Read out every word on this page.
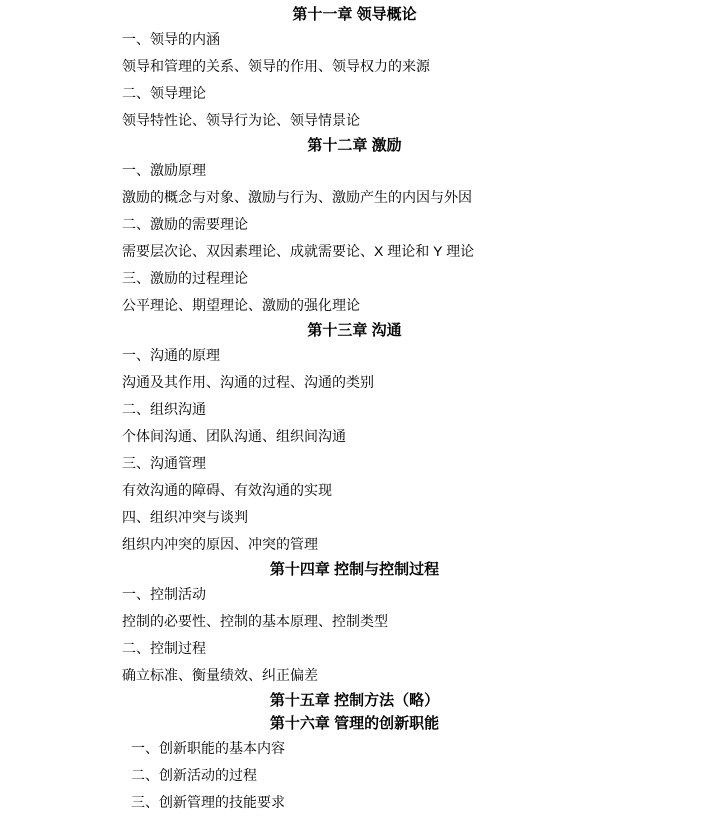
第十一章 领导概论
一、领导的内涵
领导和管理的关系、领导的作用、领导权力的来源
二、领导理论
领导特性论、领导行为论、领导情景论
第十二章 激励
一、激励原理
激励的概念与对象、激励与行为、激励产生的内因与外因
二、激励的需要理论
需要层次论、双因素理论、成就需要论、X 理论和 Y 理论
三、激励的过程理论
公平理论、期望理论、激励的强化理论
第十三章 沟通
一、沟通的原理
沟通及其作用、沟通的过程、沟通的类别
二、组织沟通
个体间沟通、团队沟通、组织间沟通
三、沟通管理
有效沟通的障碍、有效沟通的实现
四、组织冲突与谈判
组织内冲突的原因、冲突的管理
第十四章 控制与控制过程
一、控制活动
控制的必要性、控制的基本原理、控制类型
二、控制过程
确立标准、衡量绩效、纠正偏差
第十五章 控制方法（略）
第十六章 管理的创新职能
一、创新职能的基本内容
二、创新活动的过程
三、创新管理的技能要求
